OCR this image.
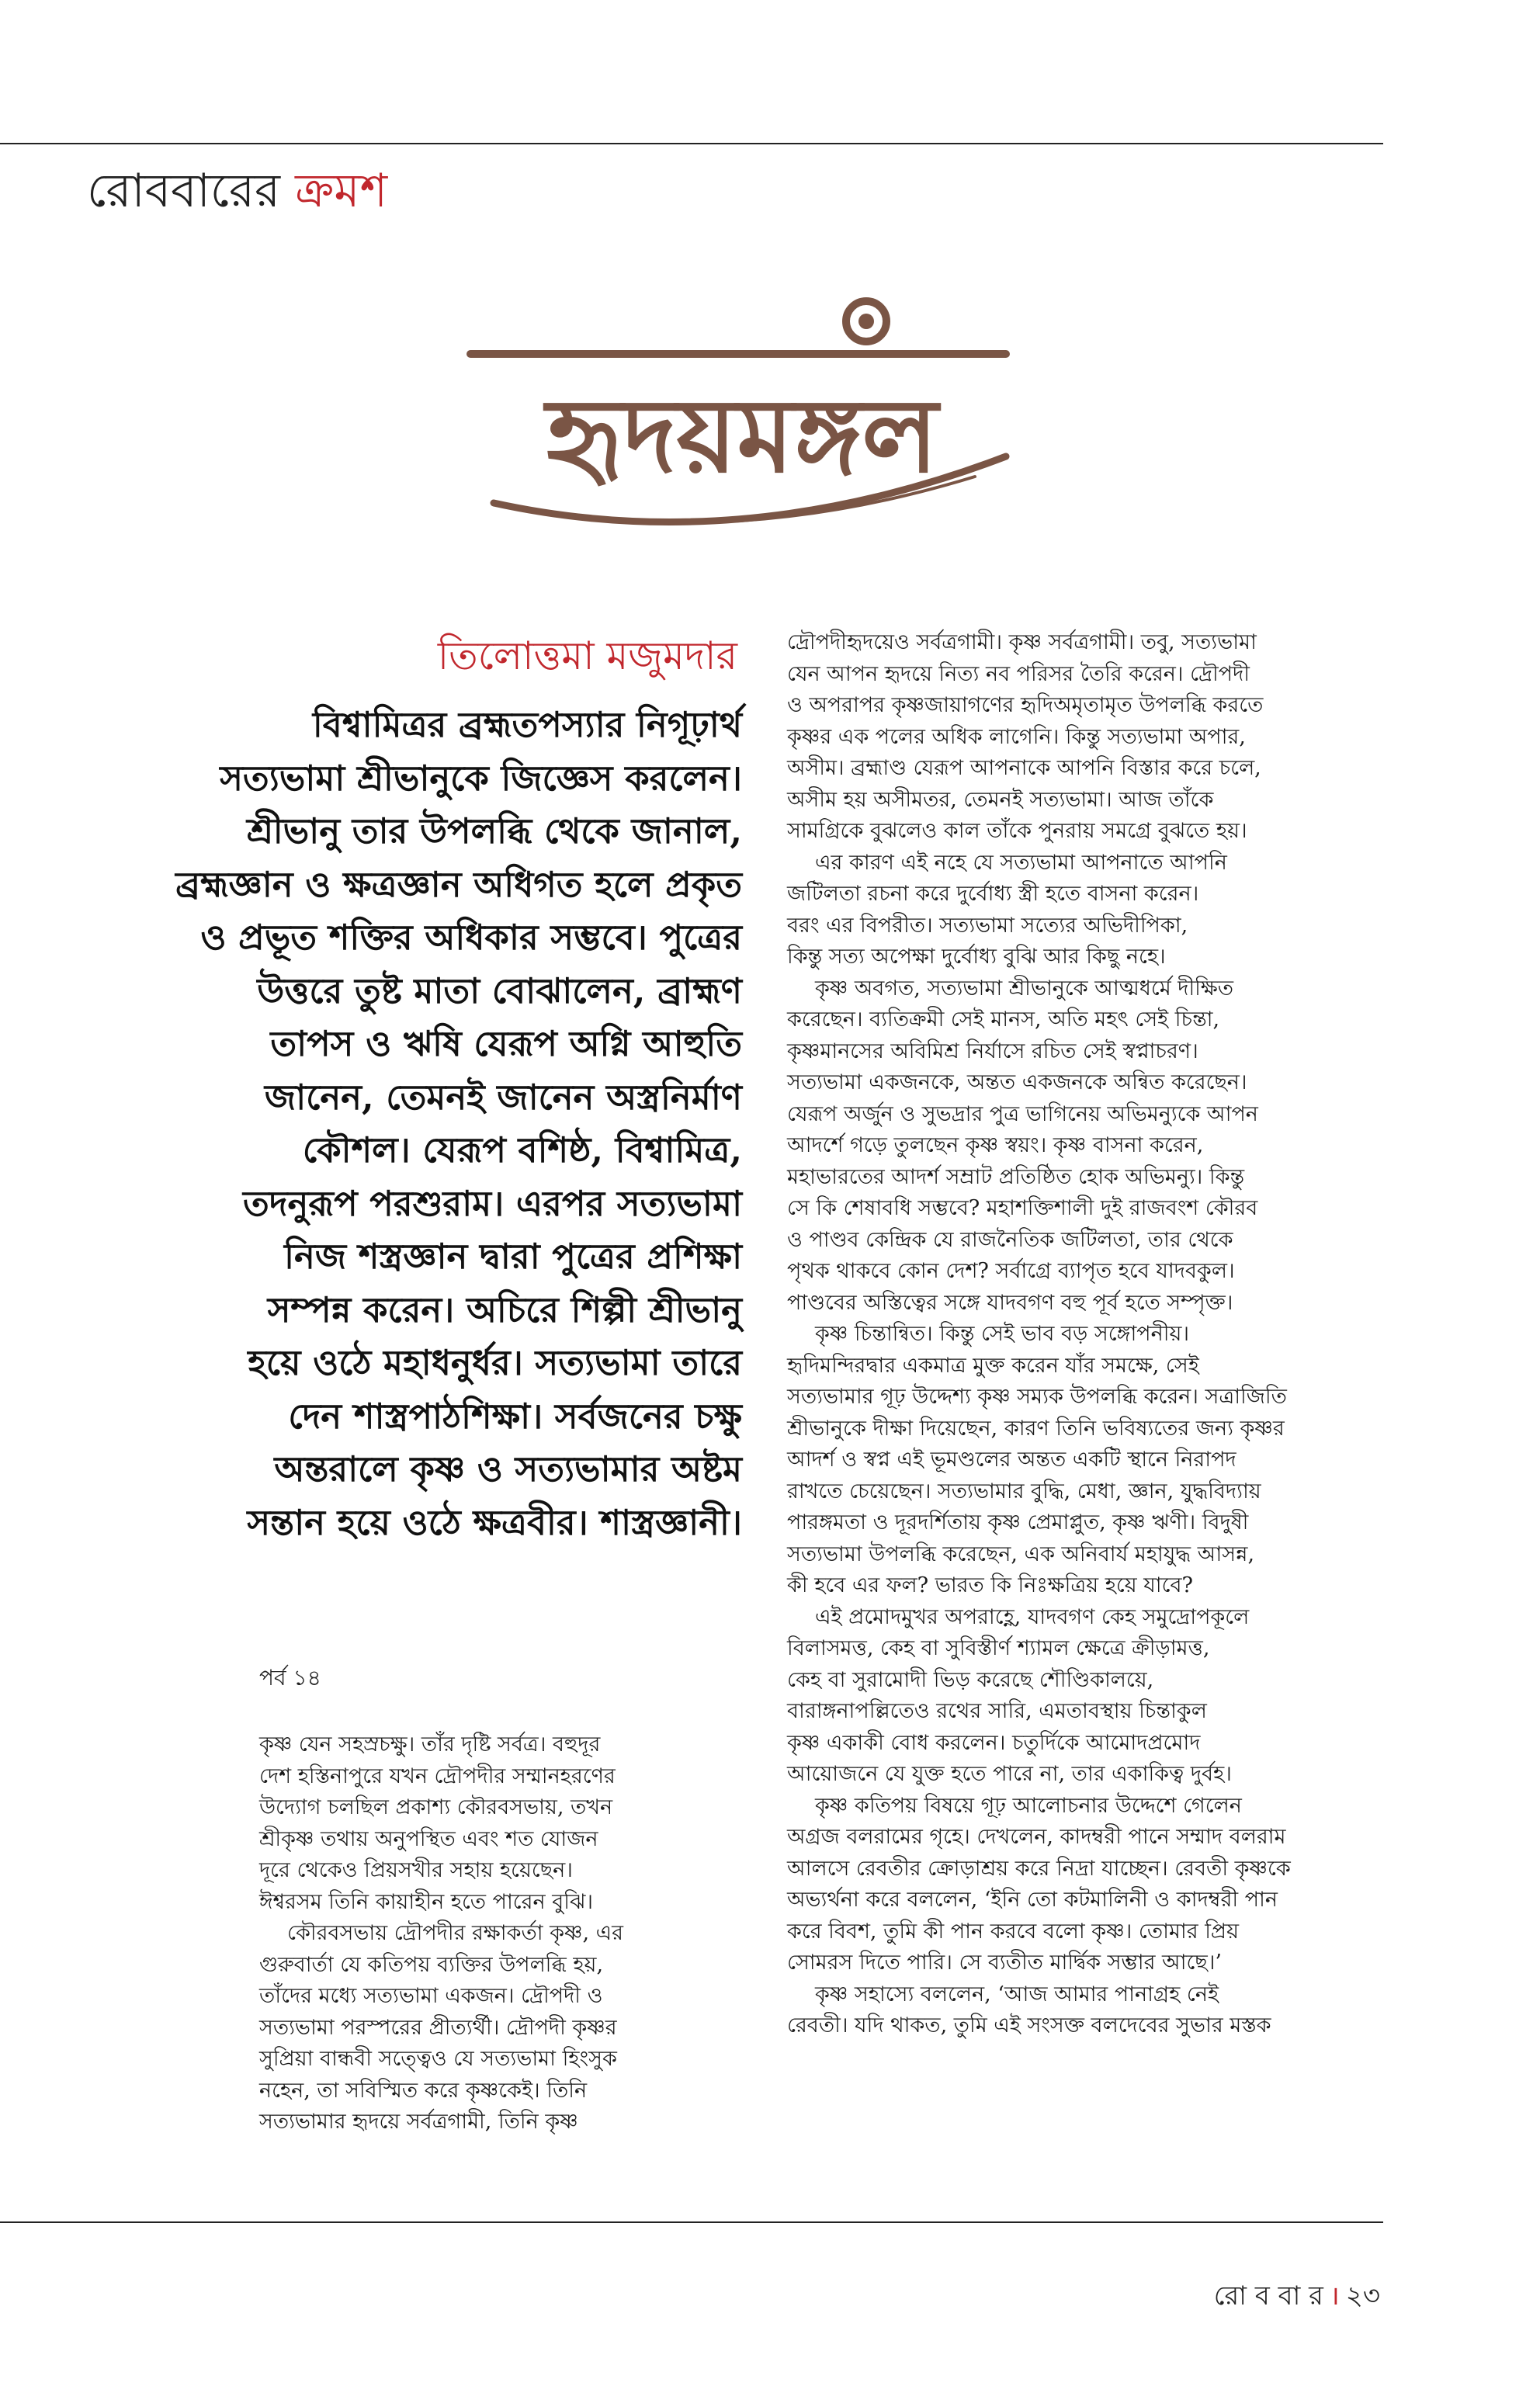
রোববারের ক্রমশ
হৃদয়মঙ্গল
তিলোত্তমা মজুমদার
বিশ্বামিত্রর ব্রহ্মতপস্যার নিগূঢ়ার্থ
সত্যভামা শ্রীভানুকে জিজ্ঞেস করলেন।
শ্রীভানু তার উপলব্ধি থেকে জানাল,
ব্রহ্মজ্ঞান ও ক্ষত্রজ্ঞান অধিগত হলে প্রকৃত
ও প্রভূত শক্তির অধিকার সম্ভবে। পুত্রের
উত্তরে তুষ্ট মাতা বোঝালেন, ব্রাহ্মণ
তাপস ও ঋষি যেরূপ অগ্নি আহুতি
জানেন, তেমনই জানেন অস্ত্রনির্মাণ
কৌশল। যেরূপ বশিষ্ঠ, বিশ্বামিত্র,
তদনুরূপ পরশুরাম। এরপর সত্যভামা
নিজ শস্ত্রজ্ঞান দ্বারা পুত্রের প্রশিক্ষা
সম্পন্ন করেন। অচিরে শিল্পী শ্রীভানু
হয়ে ওঠে মহাধনুর্ধর। সত্যভামা তারে
দেন শাস্ত্রপাঠশিক্ষা। সর্বজনের চক্ষু
অন্তরালে কৃষ্ণ ও সত্যভামার অষ্টম
সন্তান হয়ে ওঠে ক্ষত্রবীর। শাস্ত্রজ্ঞানী।
পর্ব ১৪
কৃষ্ণ যেন সহস্রচক্ষু। তাঁর দৃষ্টি সর্বত্র। বহুদূর
দেশ হস্তিনাপুরে যখন দ্রৌপদীর সম্মানহরণের
উদ্যোগ চলছিল প্রকাশ্য কৌরবসভায়, তখন
শ্রীকৃষ্ণ তথায় অনুপস্থিত এবং শত যোজন
দূরে থেকেও প্রিয়সখীর সহায় হয়েছেন।
ঈশ্বরসম তিনি কায়াহীন হতে পারেন বুঝি।
কৌরবসভায় দ্রৌপদীর রক্ষাকর্তা কৃষ্ণ, এর
গুরুবার্তা যে কতিপয় ব্যক্তির উপলব্ধি হয়,
তাঁদের মধ্যে সত্যভামা একজন। দ্রৌপদী ও
সত্যভামা পরস্পরের প্রীত্যর্থী। দ্রৌপদী কৃষ্ণর
সুপ্রিয়া বান্ধবী সত্ত্বেও যে সত্যভামা হিংসুক
নহেন, তা সবিস্মিত করে কৃষ্ণকেই। তিনি
সত্যভামার হৃদয়ে সর্বত্রগামী, তিনি কৃষ্ণ
দ্রৌপদীহৃদয়েও সর্বত্রগামী। কৃষ্ণ সর্বত্রগামী। তবু, সত্যভামা
যেন আপন হৃদয়ে নিত্য নব পরিসর তৈরি করেন। দ্রৌপদী
ও অপরাপর কৃষ্ণজায়াগণের হৃদিঅমৃতামৃত উপলব্ধি করতে
কৃষ্ণর এক পলের অধিক লাগেনি। কিন্তু সত্যভামা অপার,
অসীম। ব্রহ্মাণ্ড যেরূপ আপনাকে আপনি বিস্তার করে চলে,
অসীম হয় অসীমতর, তেমনই সত্যভামা। আজ তাঁকে
সামগ্রিকে বুঝলেও কাল তাঁকে পুনরায় সমগ্রে বুঝতে হয়।
এর কারণ এই নহে যে সত্যভামা আপনাতে আপনি
জটিলতা রচনা করে দুর্বোধ্য স্ত্রী হতে বাসনা করেন।
বরং এর বিপরীত। সত্যভামা সত্যের অভিদীপিকা,
কিন্তু সত্য অপেক্ষা দুর্বোধ্য বুঝি আর কিছু নহে।
কৃষ্ণ অবগত, সত্যভামা শ্রীভানুকে আত্মধর্মে দীক্ষিত
করেছেন। ব্যতিক্রমী সেই মানস, অতি মহৎ সেই চিন্তা,
কৃষ্ণমানসের অবিমিশ্র নির্যাসে রচিত সেই স্বপ্নাচরণ।
সত্যভামা একজনকে, অন্তত একজনকে অন্বিত করেছেন।
যেরূপ অর্জুন ও সুভদ্রার পুত্র ভাগিনেয় অভিমন্যুকে আপন
আদর্শে গড়ে তুলছেন কৃষ্ণ স্বয়ং। কৃষ্ণ বাসনা করেন,
মহাভারতের আদর্শ সম্রাট প্রতিষ্ঠিত হোক অভিমন্যু। কিন্তু
সে কি শেষাবধি সম্ভবে? মহাশক্তিশালী দুই রাজবংশ কৌরব
ও পাণ্ডব কেন্দ্রিক যে রাজনৈতিক জটিলতা, তার থেকে
পৃথক থাকবে কোন দেশ? সর্বাগ্রে ব্যাপৃত হবে যাদবকুল।
পাণ্ডবের অস্তিত্বের সঙ্গে যাদবগণ বহু পূর্ব হতে সম্পৃক্ত।
কৃষ্ণ চিন্তান্বিত। কিন্তু সেই ভাব বড় সঙ্গোপনীয়।
হৃদিমন্দিরদ্বার একমাত্র মুক্ত করেন যাঁর সমক্ষে, সেই
সত্যভামার গূঢ় উদ্দেশ্য কৃষ্ণ সম্যক উপলব্ধি করেন। সত্রাজিতি
শ্রীভানুকে দীক্ষা দিয়েছেন, কারণ তিনি ভবিষ্যতের জন্য কৃষ্ণর
আদর্শ ও স্বপ্ন এই ভূমণ্ডলের অন্তত একটি স্থানে নিরাপদ
রাখতে চেয়েছেন। সত্যভামার বুদ্ধি, মেধা, জ্ঞান, যুদ্ধবিদ্যায়
পারঙ্গমতা ও দূরদর্শিতায় কৃষ্ণ প্রেমাপ্লুত, কৃষ্ণ ঋণী। বিদুষী
সত্যভামা উপলব্ধি করেছেন, এক অনিবার্য মহাযুদ্ধ আসন্ন,
কী হবে এর ফল? ভারত কি নিঃক্ষত্রিয় হয়ে যাবে?
এই প্রমোদমুখর অপরাহ্ণে, যাদবগণ কেহ সমুদ্রোপকূলে
বিলাসমত্ত, কেহ বা সুবিস্তীর্ণ শ্যামল ক্ষেত্রে ক্রীড়ামত্ত,
কেহ বা সুরামোদী ভিড় করেছে শৌণ্ডিকালয়ে,
বারাঙ্গনাপল্লিতেও রথের সারি, এমতাবস্থায় চিন্তাকুল
কৃষ্ণ একাকী বোধ করলেন। চতুর্দিকে আমোদপ্রমোদ
আয়োজনে যে যুক্ত হতে পারে না, তার একাকিত্ব দুর্বহ।
কৃষ্ণ কতিপয় বিষয়ে গূঢ় আলোচনার উদ্দেশে গেলেন
অগ্রজ বলরামের গৃহে। দেখলেন, কাদম্বরী পানে সম্মাদ বলরাম
আলসে রেবতীর ক্রোড়াশ্রয় করে নিদ্রা যাচ্ছেন। রেবতী কৃষ্ণকে
অভ্যর্থনা করে বললেন, ‘ইনি তো কটমালিনী ও কাদম্বরী পান
করে বিবশ, তুমি কী পান করবে বলো কৃষ্ণ। তোমার প্রিয়
সোমরস দিতে পারি। সে ব্যতীত মার্দ্বিক সম্ভার আছে।’
কৃষ্ণ সহাস্যে বললেন, ‘আজ আমার পানাগ্রহ নেই
রেবতী। যদি থাকত, তুমি এই সংসক্ত বলদেবের সুভার মস্তক
রো ব বা র । ২৩
